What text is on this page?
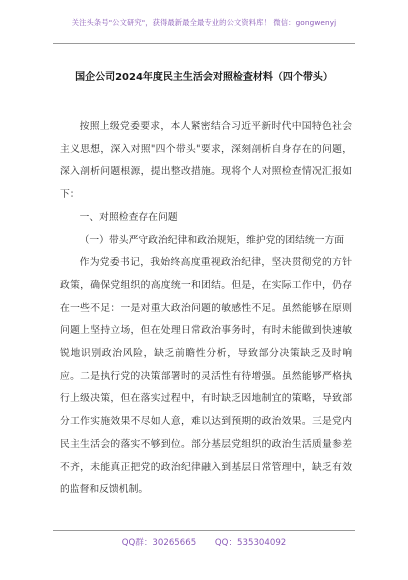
关注头条号"公文研究"，获得最新最全最专业的公文资料库！ 微信：gongwenyj
国企公司2024年度民主生活会对照检查材料（四个带头）

按照上级党委要求，本人紧密结合习近平新时代中国特色社会主义思想，深入对照"四个带头"要求，深刻剖析自身存在的问题，深入剖析问题根源，提出整改措施。现将个人对照检查情况汇报如下：

一、对照检查存在问题

（一）带头严守政治纪律和政治规矩，维护党的团结统一方面

作为党委书记，我始终高度重视政治纪律，坚决贯彻党的方针政策，确保党组织的高度统一和团结。但是，在实际工作中，仍存在一些不足：一是对重大政治问题的敏感性不足。虽然能够在原则问题上坚持立场，但在处理日常政治事务时，有时未能做到快速敏锐地识别政治风险，缺乏前瞻性分析，导致部分决策缺乏及时响应。二是执行党的决策部署时的灵活性有待增强。虽然能够严格执行上级决策，但在落实过程中，有时缺乏因地制宜的策略，导致部分工作实施效果不尽如人意，难以达到预期的政治效果。三是党内民主生活会的落实不够到位。部分基层党组织的政治生活质量参差不齐，未能真正把党的政治纪律融入到基层日常管理中，缺乏有效的监督和反馈机制。

QQ群：30265665 QQ：535304092
